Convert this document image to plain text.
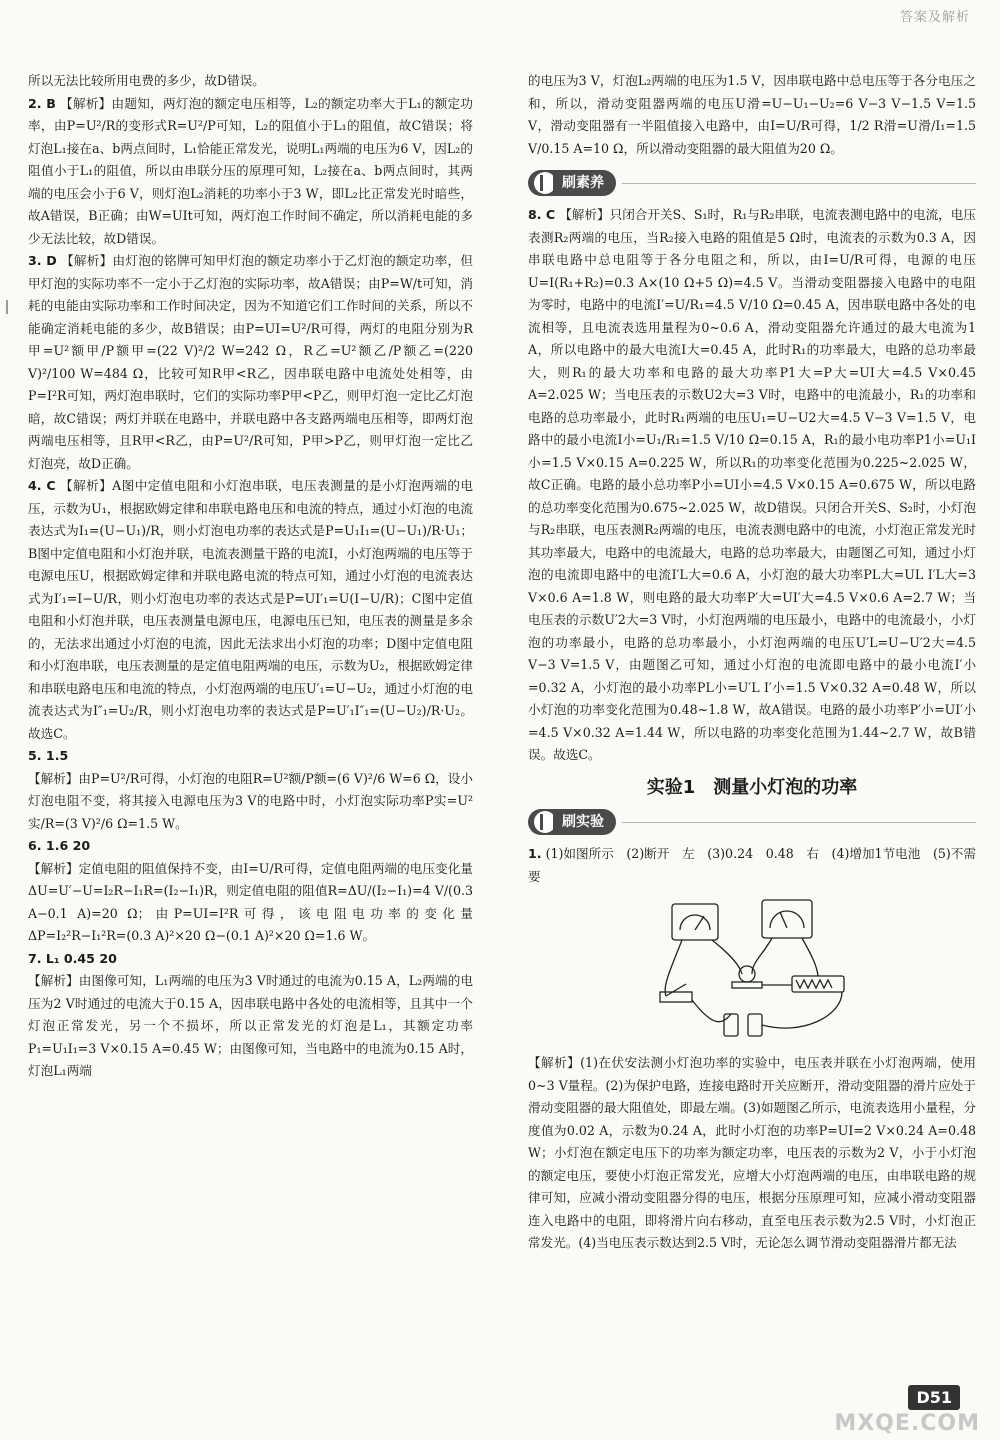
答案及解析

所以无法比较所用电费的多少，故D错误。

2. B 【解析】由题知，两灯泡的额定电压相等，L₂的额定功率大于L₁的额定功率，由P=U²/R的变形式R=U²/P可知，L₂的阻值小于L₁的阻值，故C错误；将灯泡L₁接在a、b两点间时，L₁恰能正常发光，说明L₁两端的电压为6 V，因L₂的阻值小于L₁的阻值，所以由串联分压的原理可知，L₂接在a、b两点间时，其两端的电压会小于6 V，则灯泡L₂消耗的功率小于3 W，即L₂比正常发光时暗些，故A错误，B正确；由W=UIt可知，两灯泡工作时间不确定，所以消耗电能的多少无法比较，故D错误。

3. D 【解析】由灯泡的铭牌可知甲灯泡的额定功率小于乙灯泡的额定功率，但甲灯泡的实际功率不一定小于乙灯泡的实际功率，故A错误；由P=W/t可知，消耗的电能由实际功率和工作时间决定，因为不知道它们工作时间的关系，所以不能确定消耗电能的多少，故B错误；由P=UI=U²/R可得，两灯的电阻分别为R甲=U²额甲/P额甲=(22 V)²/2 W=242 Ω，R乙=U²额乙/P额乙=(220 V)²/100 W=484 Ω，比较可知R甲<R乙，因串联电路中电流处处相等，由P=I²R可知，两灯泡串联时，它们的实际功率P甲<P乙，则甲灯泡一定比乙灯泡暗，故C错误；两灯并联在电路中，并联电路中各支路两端电压相等，即两灯泡两端电压相等，且R甲<R乙，由P=U²/R可知，P甲>P乙，则甲灯泡一定比乙灯泡亮，故D正确。

4. C 【解析】A图中定值电阻和小灯泡串联，电压表测量的是小灯泡两端的电压，示数为U₁，根据欧姆定律和串联电路电压和电流的特点，通过小灯泡的电流表达式为I₁=(U−U₁)/R，则小灯泡电功率的表达式是P=U₁I₁=(U−U₁)/R·U₁；B图中定值电阻和小灯泡并联，电流表测量干路的电流I，小灯泡两端的电压等于电源电压U，根据欧姆定律和并联电路电流的特点可知，通过小灯泡的电流表达式为I′₁=I−U/R，则小灯泡电功率的表达式是P=UI′₁=U(I−U/R)；C图中定值电阻和小灯泡并联，电压表测量电源电压，电源电压已知，电压表的测量是多余的，无法求出通过小灯泡的电流，因此无法求出小灯泡的功率；D图中定值电阻和小灯泡串联，电压表测量的是定值电阻两端的电压，示数为U₂，根据欧姆定律和串联电路电压和电流的特点，小灯泡两端的电压U′₁=U−U₂，通过小灯泡的电流表达式为I″₁=U₂/R，则小灯泡电功率的表达式是P=U′₁I″₁=(U−U₂)/R·U₂。故选C。

5. 1.5
【解析】由P=U²/R可得，小灯泡的电阻R=U²额/P额=(6 V)²/6 W=6 Ω，设小灯泡电阻不变，将其接入电源电压为3 V的电路中时，小灯泡实际功率P实=U²实/R=(3 V)²/6 Ω=1.5 W。

6. 1.6 20
【解析】定值电阻的阻值保持不变，由I=U/R可得，定值电阻两端的电压变化量ΔU=U′−U=I₂R−I₁R=(I₂−I₁)R，则定值电阻的阻值R=ΔU/(I₂−I₁)=4 V/(0.3 A−0.1 A)=20 Ω；由P=UI=I²R可得，该电阻电功率的变化量ΔP=I₂²R−I₁²R=(0.3 A)²×20 Ω−(0.1 A)²×20 Ω=1.6 W。

7. L₁ 0.45 20
【解析】由图像可知，L₁两端的电压为3 V时通过的电流为0.15 A，L₂两端的电压为2 V时通过的电流大于0.15 A，因串联电路中各处的电流相等，且其中一个灯泡正常发光，另一个不损坏，所以正常发光的灯泡是L₁，其额定功率P₁=U₁I₁=3 V×0.15 A=0.45 W；由图像可知，当电路中的电流为0.15 A时，灯泡L₁两端

的电压为3 V，灯泡L₂两端的电压为1.5 V，因串联电路中总电压等于各分电压之和，所以，滑动变阻器两端的电压U滑=U−U₁−U₂=6 V−3 V−1.5 V=1.5 V，滑动变阻器有一半阻值接入电路中，由I=U/R可得，1/2 R滑=U滑/I₁=1.5 V/0.15 A=10 Ω，所以滑动变阻器的最大阻值为20 Ω。

刷素养

8. C 【解析】只闭合开关S、S₁时，R₁与R₂串联，电流表测电路中的电流，电压表测R₂两端的电压，当R₂接入电路的阻值是5 Ω时，电流表的示数为0.3 A，因串联电路中总电阻等于各分电阻之和，所以，由I=U/R可得，电源的电压U=I(R₁+R₂)=0.3 A×(10 Ω+5 Ω)=4.5 V。当滑动变阻器接入电路中的电阻为零时，电路中的电流I′=U/R₁=4.5 V/10 Ω=0.45 A，因串联电路中各处的电流相等，且电流表选用量程为0~0.6 A，滑动变阻器允许通过的最大电流为1 A，所以电路中的最大电流I大=0.45 A，此时R₁的功率最大，电路的总功率最大，则R₁的最大功率和电路的最大功率P1大=P大=UI大=4.5 V×0.45 A=2.025 W；当电压表的示数U2大=3 V时，电路中的电流最小，R₁的功率和电路的总功率最小，此时R₁两端的电压U₁=U−U2大=4.5 V−3 V=1.5 V，电路中的最小电流I小=U₁/R₁=1.5 V/10 Ω=0.15 A，R₁的最小电功率P1小=U₁I小=1.5 V×0.15 A=0.225 W，所以R₁的功率变化范围为0.225~2.025 W，故C正确。电路的最小总功率P小=UI小=4.5 V×0.15 A=0.675 W，所以电路的总功率变化范围为0.675~2.025 W，故D错误。只闭合开关S、S₂时，小灯泡与R₂串联，电压表测R₂两端的电压，电流表测电路中的电流，小灯泡正常发光时其功率最大，电路中的电流最大，电路的总功率最大，由题图乙可知，通过小灯泡的电流即电路中的电流I′L大=0.6 A，小灯泡的最大功率PL大=UL I′L大=3 V×0.6 A=1.8 W，则电路的最大功率P′大=UI′大=4.5 V×0.6 A=2.7 W；当电压表的示数U′2大=3 V时，小灯泡两端的电压最小，电路中的电流最小，小灯泡的功率最小，电路的总功率最小，小灯泡两端的电压U′L=U−U′2大=4.5 V−3 V=1.5 V，由题图乙可知，通过小灯泡的电流即电路中的最小电流I′小=0.32 A，小灯泡的最小功率PL小=U′L I′小=1.5 V×0.32 A=0.48 W，所以小灯泡的功率变化范围为0.48~1.8 W，故A错误。电路的最小功率P′小=UI′小=4.5 V×0.32 A=1.44 W，所以电路的功率变化范围为1.44~2.7 W，故B错误。故选C。

实验1　测量小灯泡的功率
刷实验

1. (1)如图所示　(2)断开　左　(3)0.24　0.48　右　(4)增加1节电池　(5)不需要

【解析】(1)在伏安法测小灯泡功率的实验中，电压表并联在小灯泡两端，使用0~3 V量程。(2)为保护电路，连接电路时开关应断开，滑动变阻器的滑片应处于滑动变阻器的最大阻值处，即最左端。(3)如题图乙所示，电流表选用小量程，分度值为0.02 A，示数为0.24 A，此时小灯泡的功率P=UI=2 V×0.24 A=0.48 W；小灯泡在额定电压下的功率为额定功率，电压表的示数为2 V，小于小灯泡的额定电压，要使小灯泡正常发光，应增大小灯泡两端的电压，由串联电路的规律可知，应减小滑动变阻器分得的电压，根据分压原理可知，应减小滑动变阻器连入电路中的电阻，即将滑片向右移动，直至电压表示数为2.5 V时，小灯泡正常发光。(4)当电压表示数达到2.5 V时，无论怎么调节滑动变阻器滑片都无法

D51
MXQE.COM
